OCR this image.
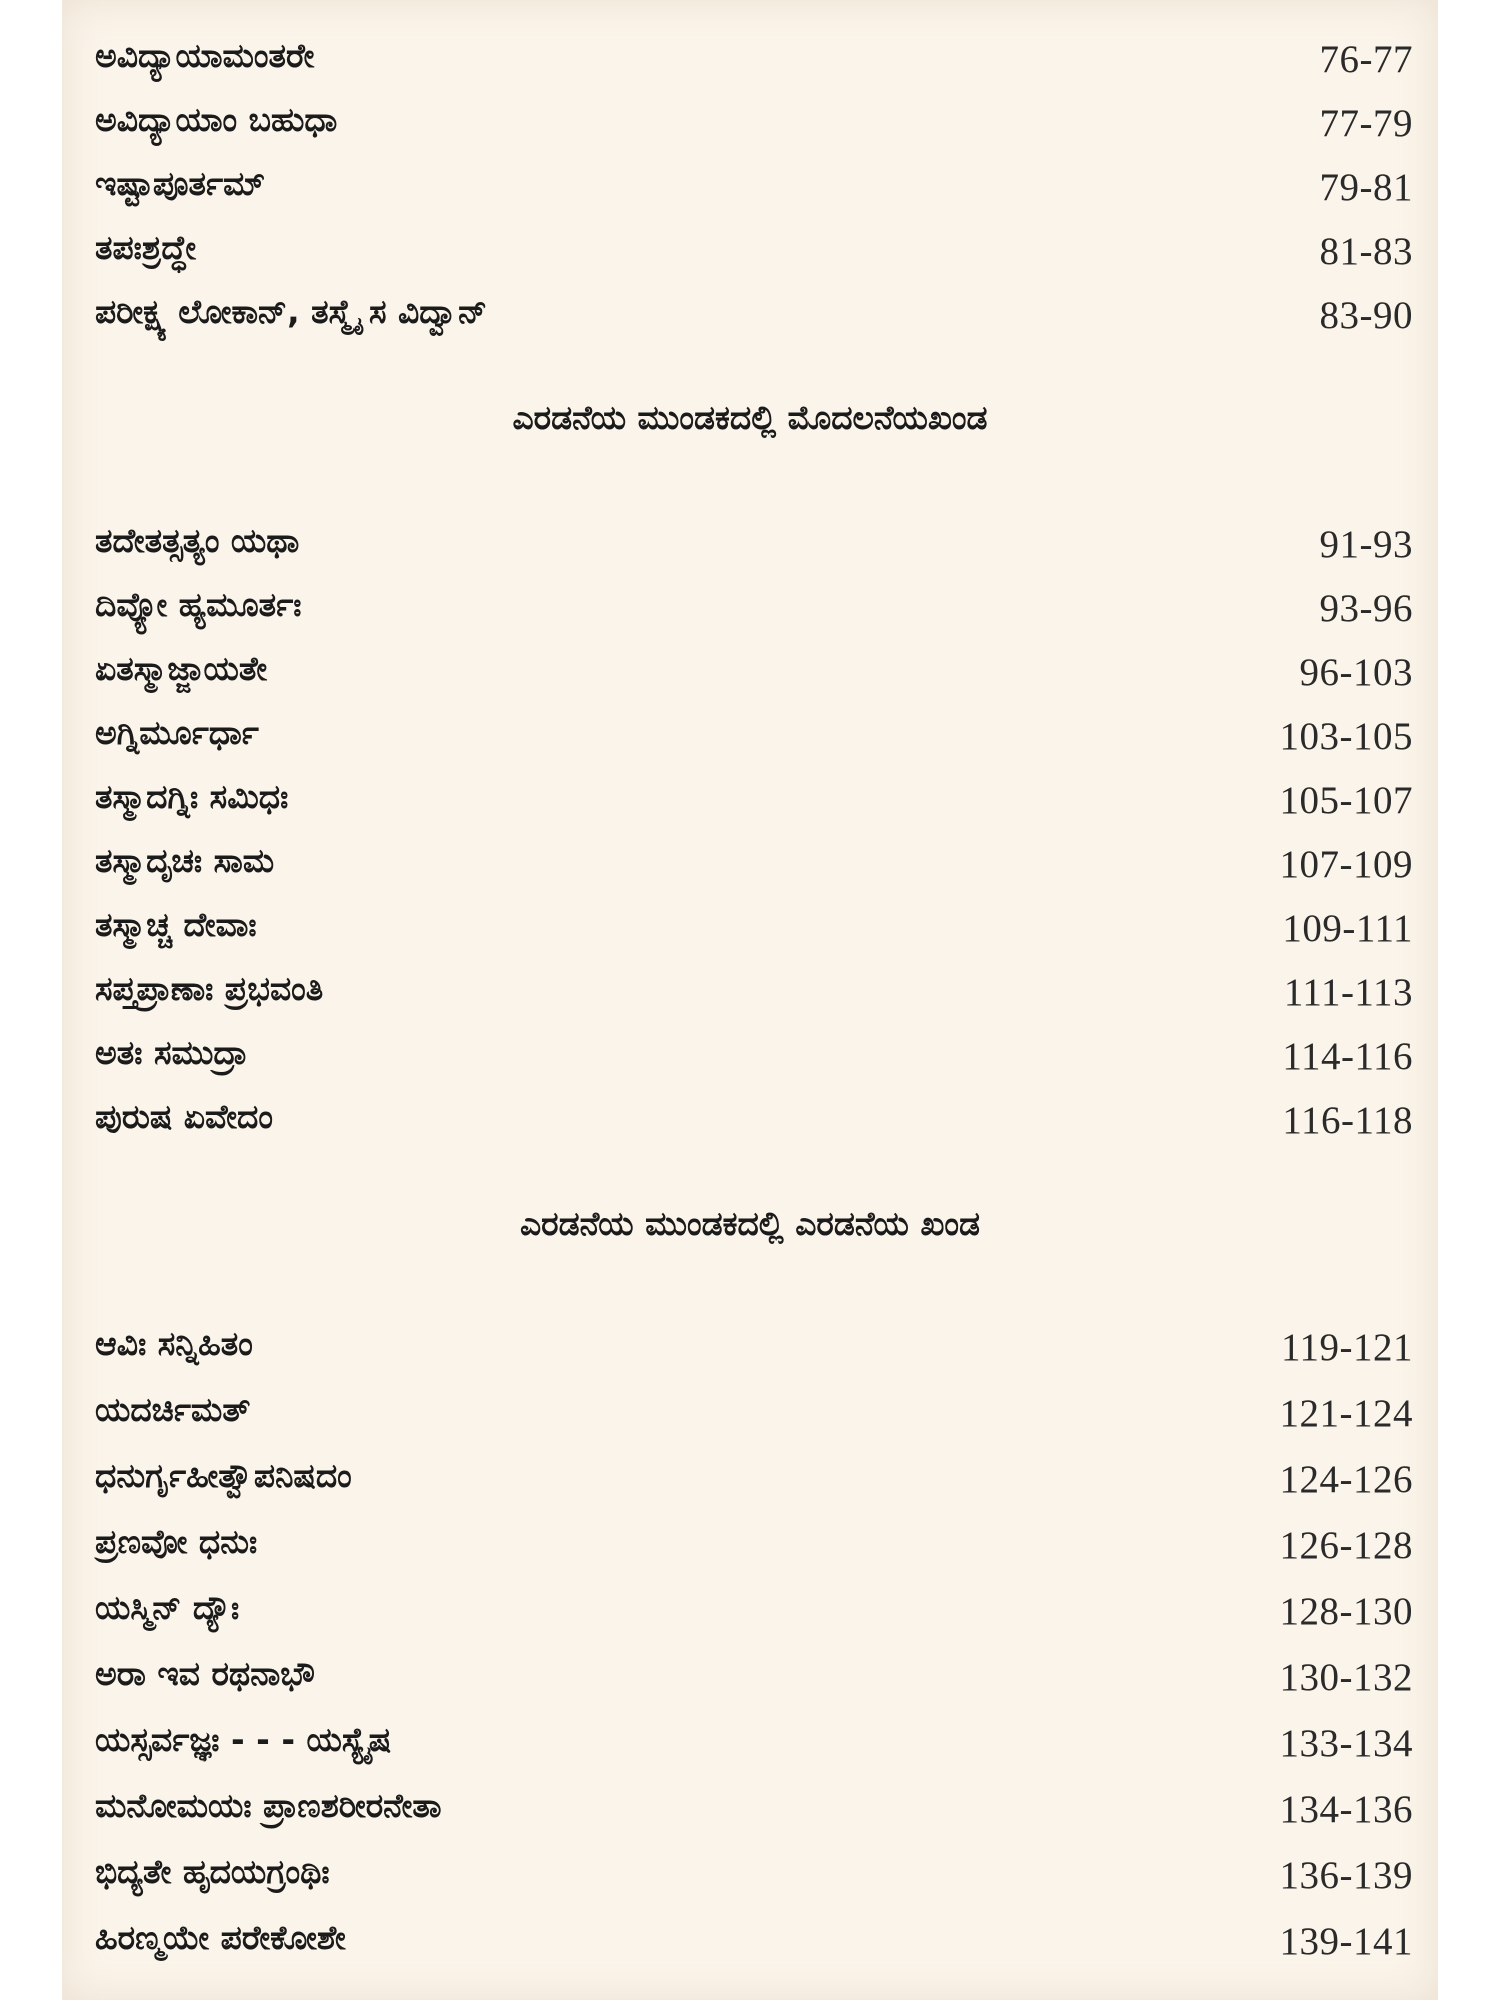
ಅವಿದ್ಯಾಯಾಮಂತರೇ	76-77
ಅವಿದ್ಯಾಯಾಂ ಬಹುಧಾ	77-79
ಇಷ್ಟಾಪೂರ್ತಮ್	79-81
ತಪಃಶ್ರದ್ಧೇ	81-83
ಪರೀಕ್ಷ್ಯ ಲೋಕಾನ್, ತಸ್ಮೈ ಸ ವಿದ್ವಾನ್	83-90
ಎರಡನೆಯ ಮುಂಡಕದಲ್ಲಿ ಮೊದಲನೆಯಖಂಡ
ತದೇತತ್ಸತ್ಯಂ ಯಥಾ	91-93
ದಿವ್ಯೋ ಹ್ಯಮೂರ್ತಃ	93-96
ಏತಸ್ಮಾಜ್ಜಾಯತೇ	96-103
ಅಗ್ನಿರ್ಮೂರ್ಧಾ	103-105
ತಸ್ಮಾದಗ್ನಿಃ ಸಮಿಧಃ	105-107
ತಸ್ಮಾದೃಚಃ ಸಾಮ	107-109
ತಸ್ಮಾಚ್ಚ ದೇವಾಃ	109-111
ಸಪ್ತಪ್ರಾಣಾಃ ಪ್ರಭವಂತಿ	111-113
ಅತಃ ಸಮುದ್ರಾ	114-116
ಪುರುಷ ಏವೇದಂ	116-118
ಎರಡನೆಯ ಮುಂಡಕದಲ್ಲಿ ಎರಡನೆಯ ಖಂಡ
ಆವಿಃ ಸನ್ನಿಹಿತಂ	119-121
ಯದರ್ಚಿಮತ್	121-124
ಧನುರ್ಗೃಹೀತ್ವೌಪನಿಷದಂ	124-126
ಪ್ರಣವೋ ಧನುಃ	126-128
ಯಸ್ಮಿನ್ ದ್ಯೌಃ	128-130
ಅರಾ ಇವ ರಥನಾಭೌ	130-132
ಯಸ್ಸರ್ವಜ್ಞಃ - - - ಯಸ್ಯೈಷ	133-134
ಮನೋಮಯಃ ಪ್ರಾಣಶರೀರನೇತಾ	134-136
ಭಿದ್ಯತೇ ಹೃದಯಗ್ರಂಥಿಃ	136-139
ಹಿರಣ್ಮಯೇ ಪರೇಕೋಶೇ	139-141
